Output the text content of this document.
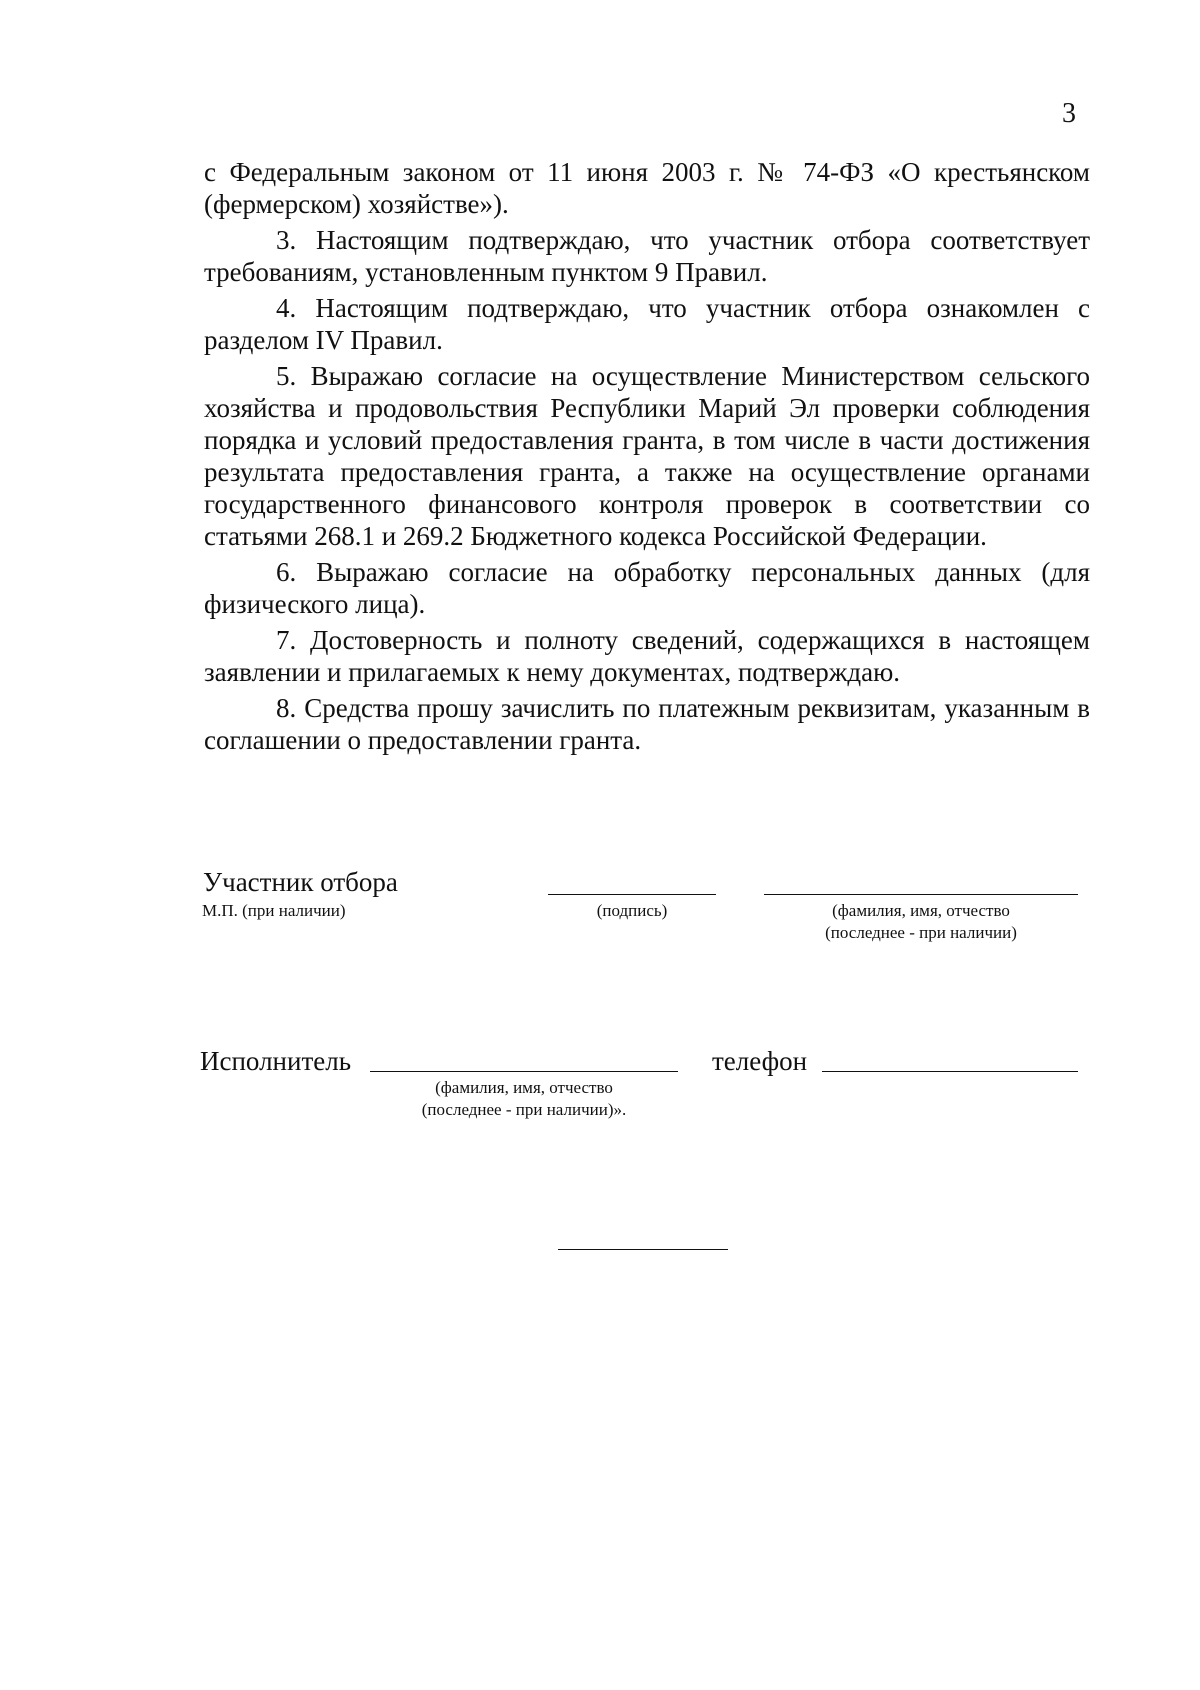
3

с Федеральным законом от 11 июня 2003 г. № 74-ФЗ «О крестьянском (фермерском) хозяйстве»).

3. Настоящим подтверждаю, что участник отбора соответствует требованиям, установленным пунктом 9 Правил.

4. Настоящим подтверждаю, что участник отбора ознакомлен с разделом IV Правил.

5. Выражаю согласие на осуществление Министерством сельского хозяйства и продовольствия Республики Марий Эл проверки соблюдения порядка и условий предоставления гранта, в том числе в части достижения результата предоставления гранта, а также на осуществление органами государственного финансового контроля проверок в соответствии со статьями 268.1 и 269.2 Бюджетного кодекса Российской Федерации.

6. Выражаю согласие на обработку персональных данных (для физического лица).

7. Достоверность и полноту сведений, содержащихся в настоящем заявлении и прилагаемых к нему документах, подтверждаю.

8. Средства прошу зачислить по платежным реквизитам, указанным в соглашении о предоставлении гранта.

Участник отбора
М.П. (при наличии)	(подпись)	(фамилия, имя, отчество
(последнее - при наличии)
Исполнитель
(фамилия, имя, отчество
(последнее - при наличии)».
телефон
